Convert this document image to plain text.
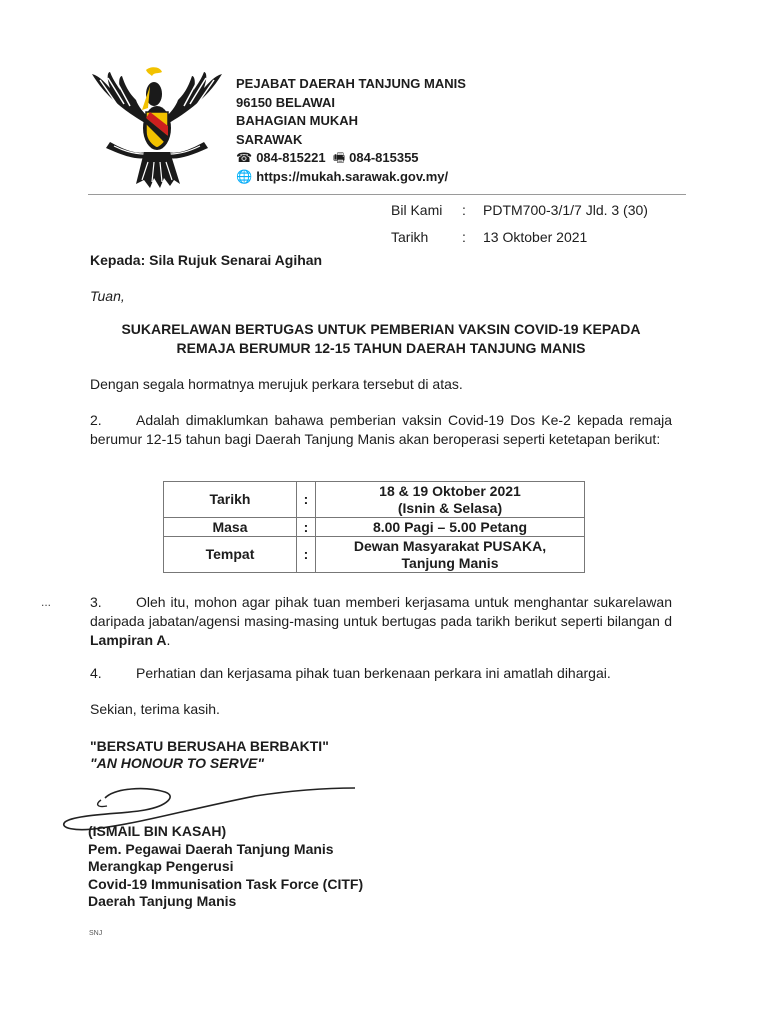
PEJABAT DAERAH TANJUNG MANIS
96150 BELAWAI
BAHAGIAN MUKAH
SARAWAK
☎ 084-815221 🖷 084-815355
🌐 https://mukah.sarawak.gov.my/
Bil Kami : PDTM700-3/1/7 Jld. 3 (30)
Tarikh : 13 Oktober 2021
Kepada: Sila Rujuk Senarai Agihan
Tuan,
SUKARELAWAN BERTUGAS UNTUK PEMBERIAN VAKSIN COVID-19 KEPADA
REMAJA BERUMUR 12-15 TAHUN DAERAH TANJUNG MANIS
Dengan segala hormatnya merujuk perkara tersebut di atas.
2. Adalah dimaklumkan bahawa pemberian vaksin Covid-19 Dos Ke-2 kepada remaja berumur 12-15 tahun bagi Daerah Tanjung Manis akan beroperasi seperti ketetapan berikut:
Tarikh	:	18 & 19 Oktober 2021
(Isnin & Selasa)

Masa	:	8.00 Pagi – 5.00 Petang
Tempat	:	Dewan Masyarakat PUSAKA,
Tanjung Manis
...	3. Oleh itu, mohon agar pihak tuan memberi kerjasama untuk menghantar sukarelawan daripada jabatan/agensi masing-masing untuk bertugas pada tarikh berikut seperti bilangan d Lampiran A.
4. Perhatian dan kerjasama pihak tuan berkenaan perkara ini amatlah dihargai.
Sekian, terima kasih.
"BERSATU BERUSAHA BERBAKTI"
"AN HONOUR TO SERVE"
(ISMAIL BIN KASAH)
Pem. Pegawai Daerah Tanjung Manis
Merangkap Pengerusi
Covid-19 Immunisation Task Force (CITF)
Daerah Tanjung Manis
SNJ
